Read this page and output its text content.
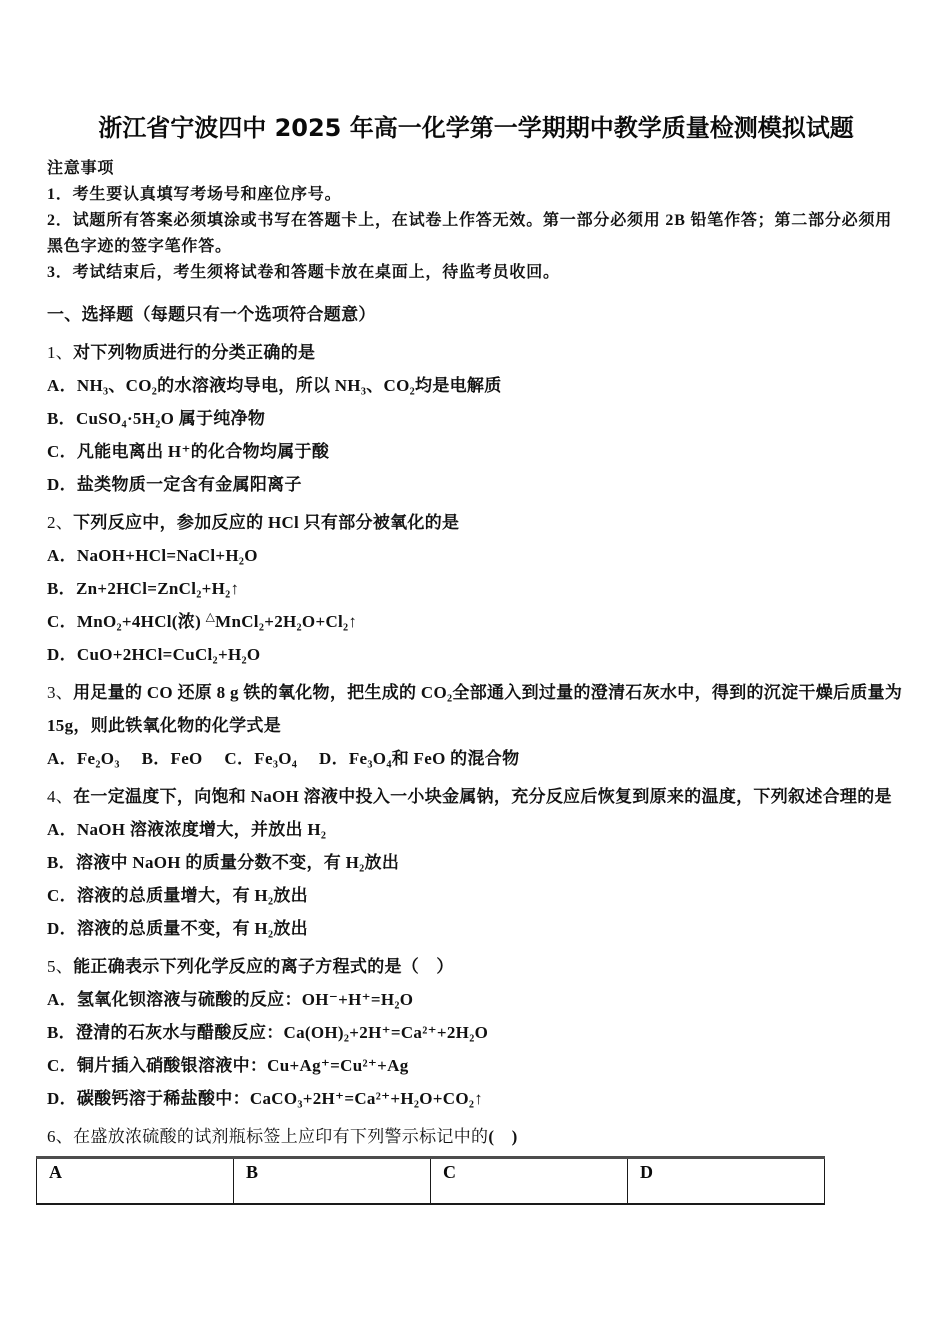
浙江省宁波四中 2025 年高一化学第一学期期中教学质量检测模拟试题

注意事项

1．考生要认真填写考场号和座位序号。

2．试题所有答案必须填涂或书写在答题卡上，在试卷上作答无效。第一部分必须用 2B 铅笔作答；第二部分必须用黑色字迹的签字笔作答。

3．考试结束后，考生须将试卷和答题卡放在桌面上，待监考员收回。

一、选择题（每题只有一个选项符合题意）

1、对下列物质进行的分类正确的是

A．NH₃、CO₂的水溶液均导电，所以 NH₃、CO₂均是电解质

B．CuSO₄·5H₂O 属于纯净物

C．凡能电离出 H⁺的化合物均属于酸

D．盐类物质一定含有金属阳离子

2、下列反应中，参加反应的 HCl 只有部分被氧化的是

A．NaOH+HCl=NaCl+H₂O

B．Zn+2HCl=ZnCl₂+H₂↑

C．MnO₂+4HCl(浓) △MnCl₂+2H₂O+Cl₂↑

D．CuO+2HCl=CuCl₂+H₂O

3、用足量的 CO 还原 8 g 铁的氧化物，把生成的 CO₂全部通入到过量的澄清石灰水中，得到的沉淀干燥后质量为 15g，则此铁氧化物的化学式是

A．Fe₂O₃　 B．FeO　 C．Fe₃O₄　 D．Fe₃O₄和 FeO 的混合物

4、在一定温度下，向饱和 NaOH 溶液中投入一小块金属钠，充分反应后恢复到原来的温度，下列叙述合理的是

A．NaOH 溶液浓度增大，并放出 H₂

B．溶液中 NaOH 的质量分数不变，有 H₂放出

C．溶液的总质量增大，有 H₂放出

D．溶液的总质量不变，有 H₂放出

5、能正确表示下列化学反应的离子方程式的是（　）

A．氢氧化钡溶液与硫酸的反应：OH⁻+H⁺=H₂O

B．澄清的石灰水与醋酸反应：Ca(OH)₂+2H⁺=Ca²⁺+2H₂O

C．铜片插入硝酸银溶液中：Cu+Ag⁺=Cu²⁺+Ag

D．碳酸钙溶于稀盐酸中：CaCO₃+2H⁺=Ca²⁺+H₂O+CO₂↑

6、在盛放浓硫酸的试剂瓶标签上应印有下列警示标记中的(　)

A	B	C	D
